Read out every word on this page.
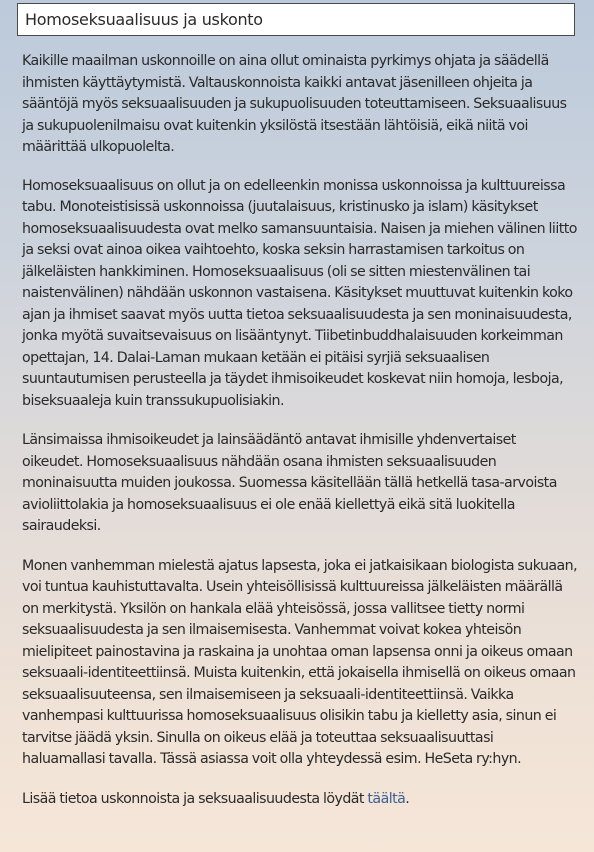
Homoseksuaalisuus ja uskonto

Kaikille maailman uskonnoille on aina ollut ominaista pyrkimys ohjata ja säädellä ihmisten käyttäytymistä. Valtauskonnoista kaikki antavat jäsenilleen ohjeita ja sääntöjä myös seksuaalisuuden ja sukupuolisuuden toteuttamiseen. Seksuaalisuus ja sukupuolenilmaisu ovat kuitenkin yksilöstä itsestään lähtöisiä, eikä niitä voi määrittää ulkopuolelta.

Homoseksuaalisuus on ollut ja on edelleenkin monissa uskonnoissa ja kulttuureissa tabu. Monoteistisissä uskonnoissa (juutalaisuus, kristinusko ja islam) käsitykset homoseksuaalisuudesta ovat melko samansuuntaisia. Naisen ja miehen välinen liitto ja seksi ovat ainoa oikea vaihtoehto, koska seksin harrastamisen tarkoitus on jälkeläisten hankkiminen. Homoseksuaalisuus (oli se sitten miestenvälinen tai naistenvälinen) nähdään uskonnon vastaisena. Käsitykset muuttuvat kuitenkin koko ajan ja ihmiset saavat myös uutta tietoa seksuaalisuudesta ja sen moninaisuudesta, jonka myötä suvaitsevaisuus on lisääntynyt. Tiibetinbuddhalaisuuden korkeimman opettajan, 14. Dalai-Laman mukaan ketään ei pitäisi syrjiä seksuaalisen suuntautumisen perusteella ja täydet ihmisoikeudet koskevat niin homoja, lesboja, biseksuaaleja kuin transsukupuolisiakin.

Länsimaissa ihmisoikeudet ja lainsäädäntö antavat ihmisille yhdenvertaiset oikeudet. Homoseksuaalisuus nähdään osana ihmisten seksuaalisuuden moninaisuutta muiden joukossa. Suomessa käsitellään tällä hetkellä tasa-arvoista avioliittolakia ja homoseksuaalisuus ei ole enää kiellettyä eikä sitä luokitella sairaudeksi.

Monen vanhemman mielestä ajatus lapsesta, joka ei jatkaisikaan biologista sukuaan, voi tuntua kauhistuttavalta. Usein yhteisöllisissä kulttuureissa jälkeläisten määrällä on merkitystä. Yksilön on hankala elää yhteisössä, jossa vallitsee tietty normi seksuaalisuudesta ja sen ilmaisemisesta. Vanhemmat voivat kokea yhteisön mielipiteet painostavina ja raskaina ja unohtaa oman lapsensa onni ja oikeus omaan seksuaali-identiteettiinsä. Muista kuitenkin, että jokaisella ihmisellä on oikeus omaan seksuaalisuuteensa, sen ilmaisemiseen ja seksuaali-identiteettiinsä. Vaikka vanhempasi kulttuurissa homoseksuaalisuus olisikin tabu ja kielletty asia, sinun ei tarvitse jäädä yksin. Sinulla on oikeus elää ja toteuttaa seksuaalisuuttasi haluamallasi tavalla. Tässä asiassa voit olla yhteydessä esim. HeSeta ry:hyn.

Lisää tietoa uskonnoista ja seksuaalisuudesta löydät täältä.
